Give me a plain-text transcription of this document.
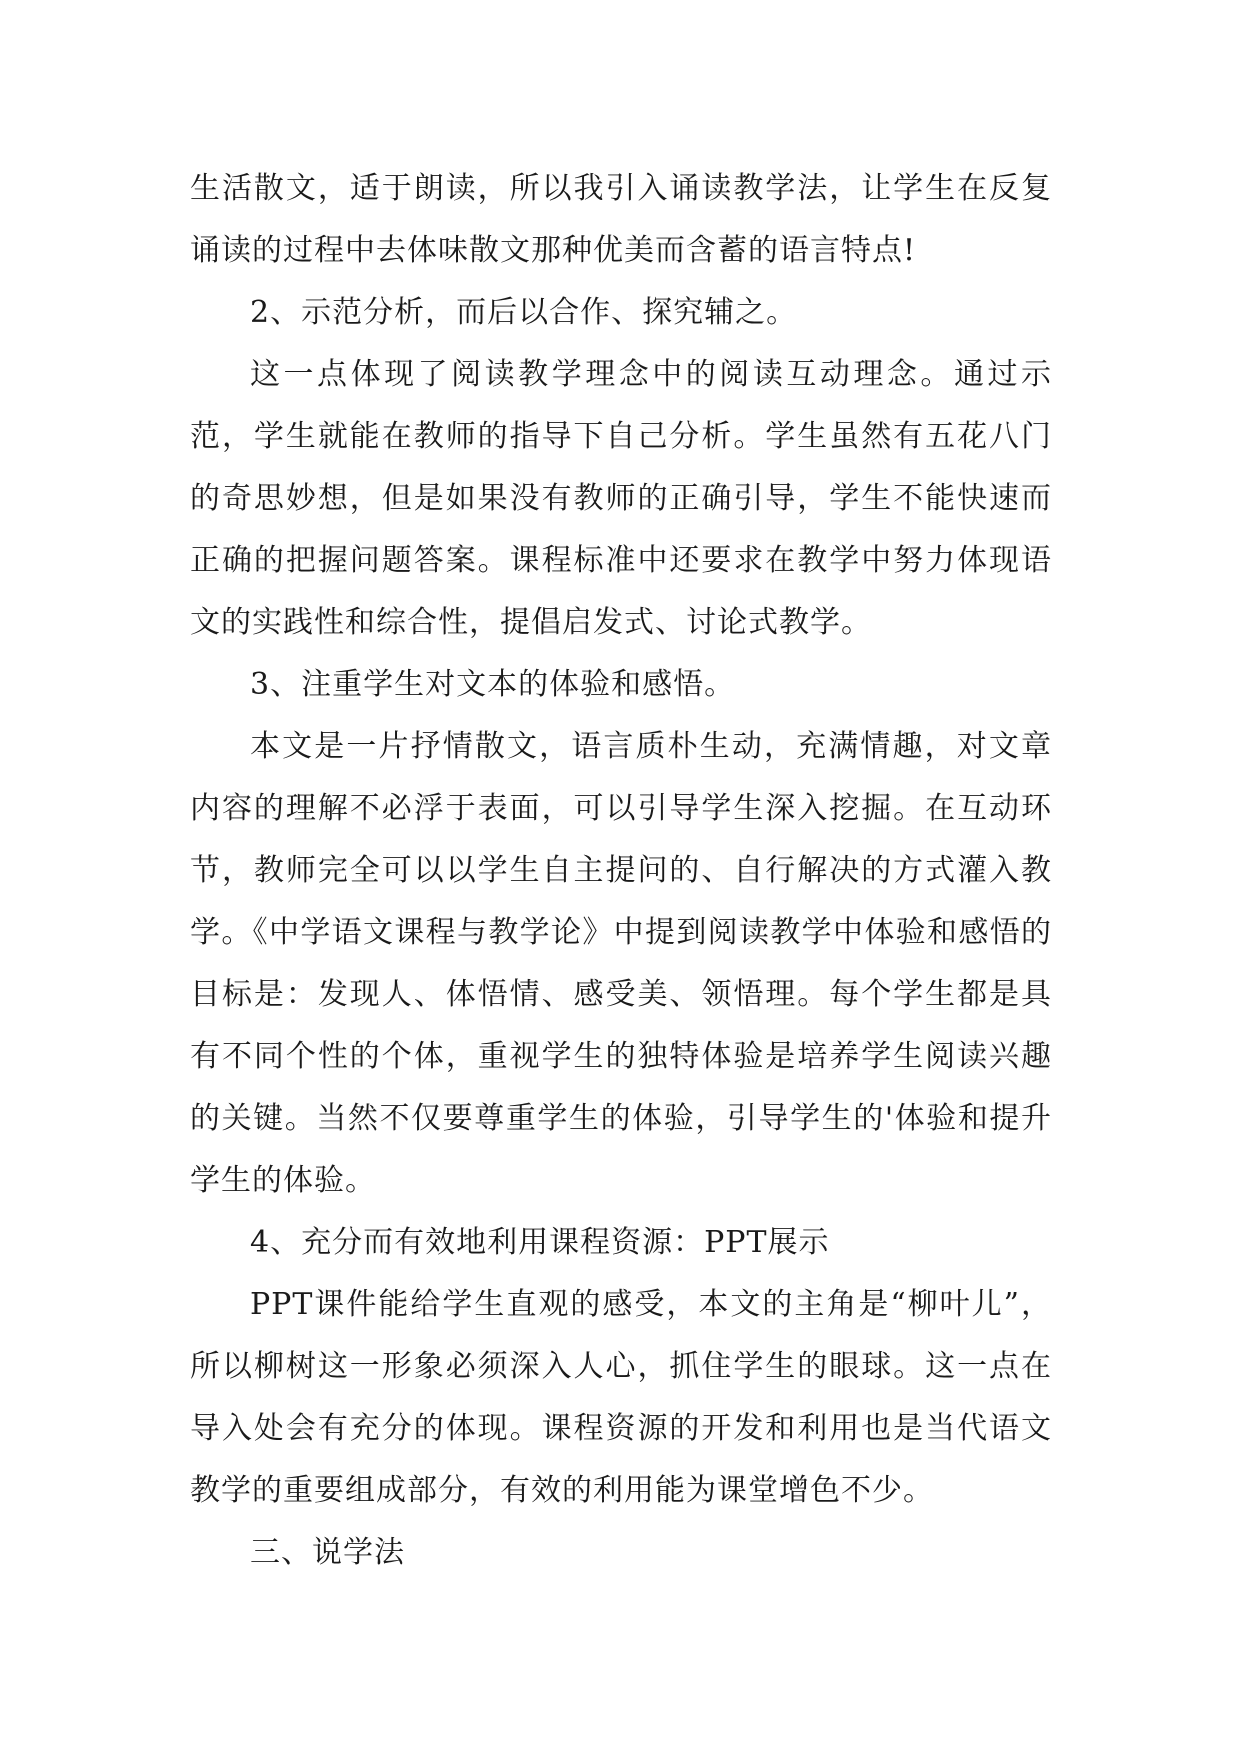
生活散文，适于朗读，所以我引入诵读教学法，让学生在反复诵读的过程中去体味散文那种优美而含蓄的语言特点!

2、示范分析，而后以合作、探究辅之。

这一点体现了阅读教学理念中的阅读互动理念。通过示范，学生就能在教师的指导下自己分析。学生虽然有五花八门的奇思妙想，但是如果没有教师的正确引导，学生不能快速而正确的把握问题答案。课程标准中还要求在教学中努力体现语文的实践性和综合性，提倡启发式、讨论式教学。

3、注重学生对文本的体验和感悟。

本文是一片抒情散文，语言质朴生动，充满情趣，对文章内容的理解不必浮于表面，可以引导学生深入挖掘。在互动环节，教师完全可以以学生自主提问的、自行解决的方式灌入教学。《中学语文课程与教学论》中提到阅读教学中体验和感悟的目标是：发现人、体悟情、感受美、领悟理。每个学生都是具有不同个性的个体，重视学生的独特体验是培养学生阅读兴趣的关键。当然不仅要尊重学生的体验，引导学生的'体验和提升学生的体验。

4、充分而有效地利用课程资源：PPT展示

PPT课件能给学生直观的感受，本文的主角是“柳叶儿”，所以柳树这一形象必须深入人心，抓住学生的眼球。这一点在导入处会有充分的体现。课程资源的开发和利用也是当代语文教学的重要组成部分，有效的利用能为课堂增色不少。

三、说学法
